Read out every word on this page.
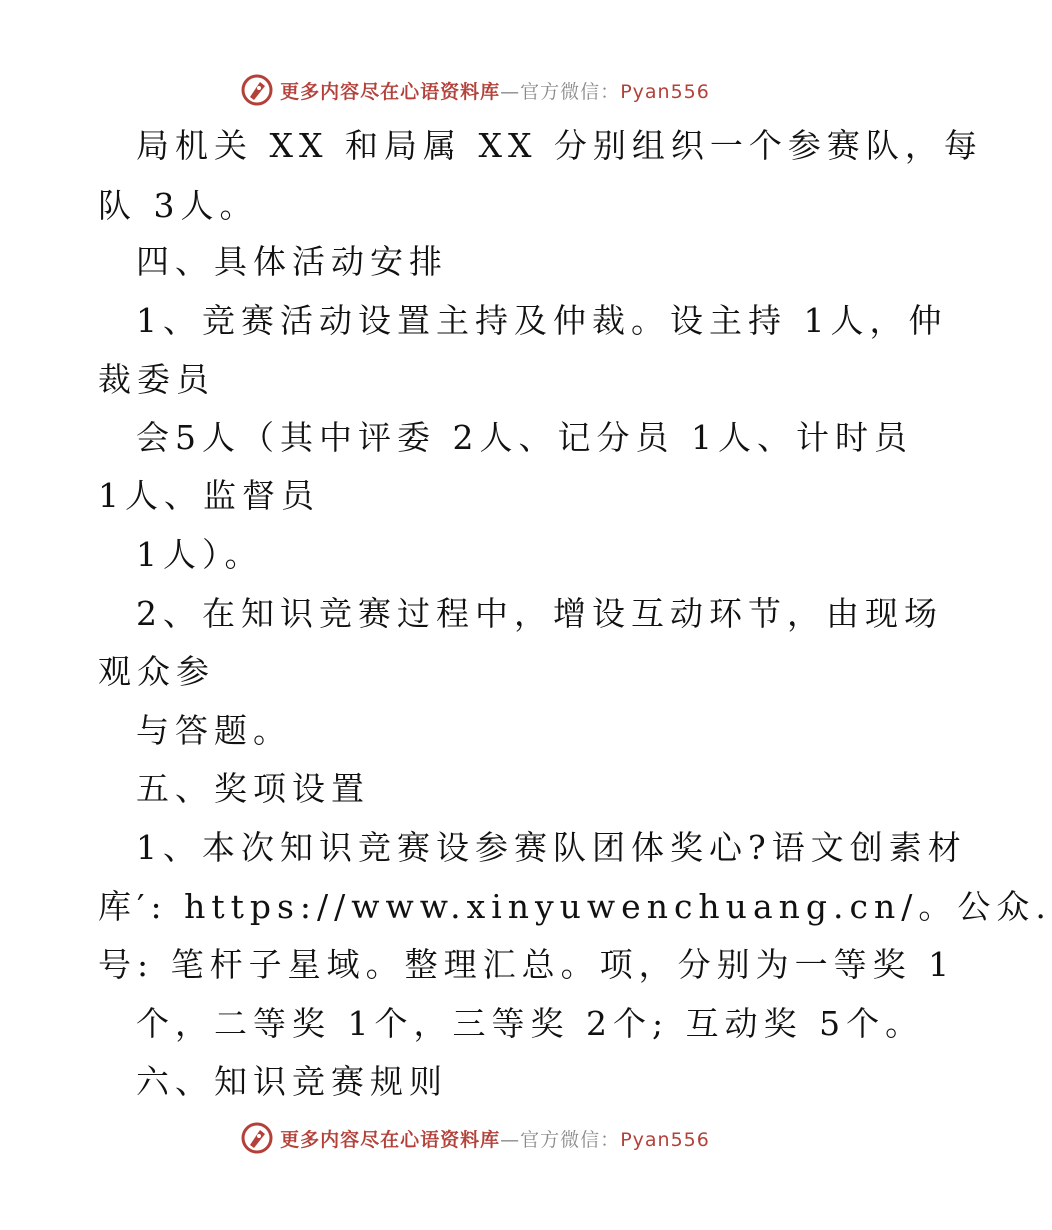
更多内容尽在心语资料库—官方微信：Pyan556
局机关 XX 和局属 XX 分别组织一个参赛队，每
队 3人。
四、具体活动安排
1、竞赛活动设置主持及仲裁。设主持 1人，仲
裁委员
会5人（其中评委 2人、记分员 1人、计时员
1人、监督员
1人）。
2、在知识竞赛过程中，增设互动环节，由现场
观众参
与答题。
五、奖项设置
1、本次知识竞赛设参赛队团体奖心?语文创素材
库′: https://www.xinyuwenchuang.cn/。公众.
号: 笔杆子星域。整理汇总。项，分别为一等奖 1
个，二等奖 1个，三等奖 2个; 互动奖 5个。
六、知识竞赛规则
更多内容尽在心语资料库—官方微信：Pyan556
